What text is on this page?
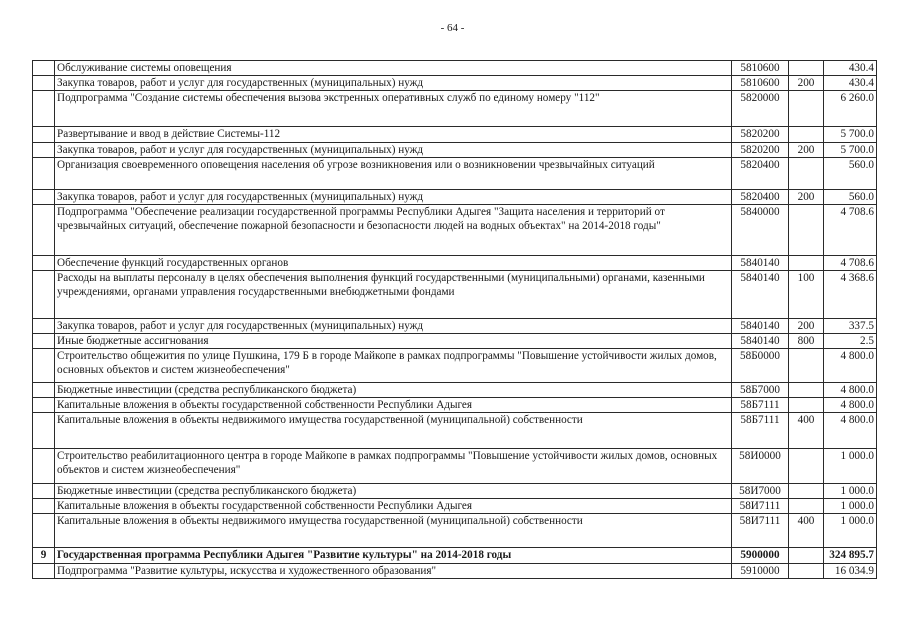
- 64 -
	Обслуживание системы оповещения	5810600		430.4
	Закупка товаров, работ и услуг для государственных (муниципальных) нужд	5810600	200	430.4
	Подпрограмма "Создание системы обеспечения вызова экстренных оперативных служб по единому номеру "112"	5820000		6 260.0
	Развертывание и ввод в действие Системы-112	5820200		5 700.0
	Закупка товаров, работ и услуг для государственных (муниципальных) нужд	5820200	200	5 700.0
	Организация своевременного оповещения населения об угрозе возникновения или о возникновении чрезвычайных ситуаций	5820400		560.0
	Закупка товаров, работ и услуг для государственных (муниципальных) нужд	5820400	200	560.0
	Подпрограмма "Обеспечение реализации государственной программы Республики Адыгея "Защита населения и территорий от чрезвычайных ситуаций, обеспечение пожарной безопасности и безопасности людей на водных объектах" на 2014-2018 годы"	5840000		4 708.6
	Обеспечение функций государственных органов	5840140		4 708.6
	Расходы на выплаты персоналу в целях обеспечения выполнения функций государственными (муниципальными) органами, казенными учреждениями, органами управления государственными внебюджетными фондами	5840140	100	4 368.6
	Закупка товаров, работ и услуг для государственных (муниципальных) нужд	5840140	200	337.5
	Иные бюджетные ассигнования	5840140	800	2.5
	Строительство общежития по улице Пушкина, 179 Б в городе Майкопе в рамках подпрограммы "Повышение устойчивости жилых домов, основных объектов и систем жизнеобеспечения"	58Б0000		4 800.0
	Бюджетные инвестиции (средства республиканского бюджета)	58Б7000		4 800.0
	Капитальные вложения в объекты государственной собственности Республики Адыгея	58Б7111		4 800.0
	Капитальные вложения в объекты недвижимого имущества государственной (муниципальной) собственности	58Б7111	400	4 800.0
	Строительство реабилитационного центра в городе Майкопе в рамках подпрограммы "Повышение устойчивости жилых домов, основных объектов и систем жизнеобеспечения"	58И0000		1 000.0
	Бюджетные инвестиции (средства республиканского бюджета)	58И7000		1 000.0
	Капитальные вложения в объекты государственной собственности Республики Адыгея	58И7111		1 000.0
	Капитальные вложения в объекты недвижимого имущества государственной (муниципальной) собственности	58И7111	400	1 000.0
9	Государственная программа Республики Адыгея "Развитие культуры" на 2014-2018 годы	5900000		324 895.7
	Подпрограмма "Развитие культуры, искусства и художественного образования"	5910000		16 034.9
